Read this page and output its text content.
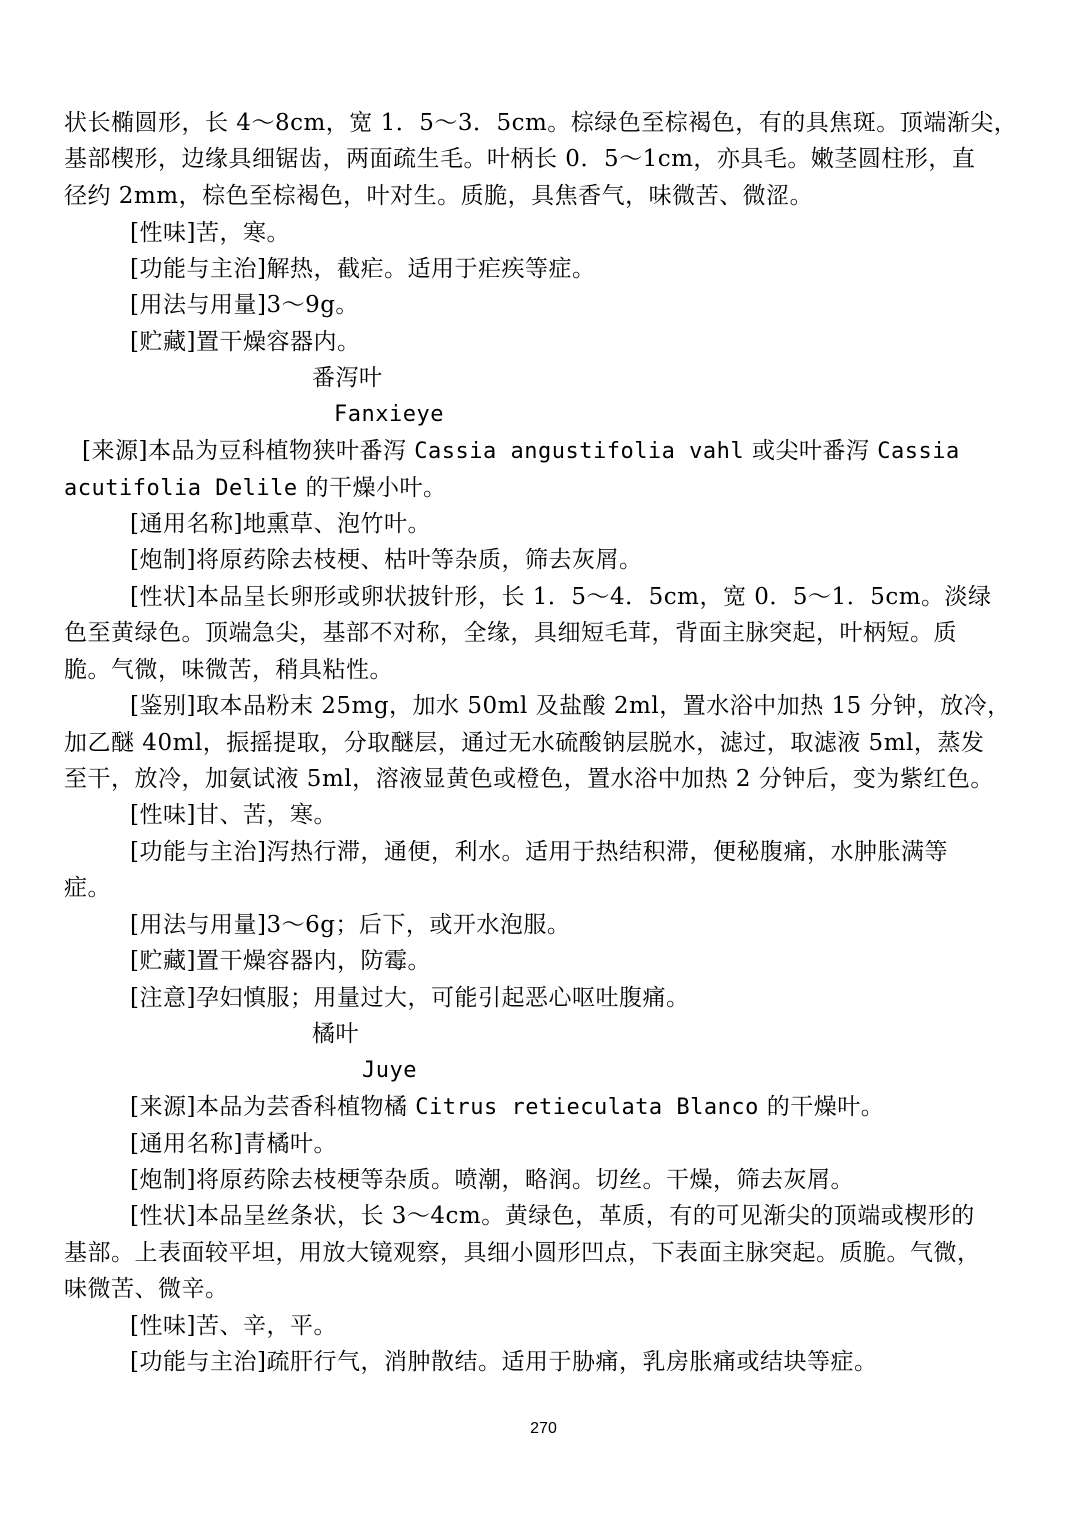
状长椭圆形，长 4～8cm，宽 1．5～3．5cm。棕绿色至棕褐色，有的具焦斑。顶端渐尖，
基部楔形，边缘具细锯齿，两面疏生毛。叶柄长 0．5～1cm，亦具毛。嫩茎圆柱形，直
径约 2mm，棕色至棕褐色，叶对生。质脆，具焦香气，味微苦、微涩。
[性味]苦，寒。
[功能与主治]解热，截疟。适用于疟疾等症。
[用法与用量]3～9g。
[贮藏]置干燥容器内。
番泻叶
Fanxieye
[来源]本品为豆科植物狭叶番泻 Cassia angustifolia vahl 或尖叶番泻 Cassia
acutifolia Delile 的干燥小叶。
[通用名称]地熏草、泡竹叶。
[炮制]将原药除去枝梗、枯叶等杂质，筛去灰屑。
[性状]本品呈长卵形或卵状披针形，长 1．5～4．5cm，宽 0．5～1．5cm。淡绿
色至黄绿色。顶端急尖，基部不对称，全缘，具细短毛茸，背面主脉突起，叶柄短。质
脆。气微，味微苦，稍具粘性。
[鉴别]取本品粉末 25mg，加水 50ml 及盐酸 2ml，置水浴中加热 15 分钟，放冷，
加乙醚 40ml，振摇提取，分取醚层，通过无水硫酸钠层脱水，滤过，取滤液 5ml，蒸发
至干，放冷，加氨试液 5ml，溶液显黄色或橙色，置水浴中加热 2 分钟后，变为紫红色。
[性味]甘、苦，寒。
[功能与主治]泻热行滞，通便，利水。适用于热结积滞，便秘腹痛，水肿胀满等
症。
[用法与用量]3～6g；后下，或开水泡服。
[贮藏]置干燥容器内，防霉。
[注意]孕妇慎服；用量过大，可能引起恶心呕吐腹痛。
橘叶
Juye
[来源]本品为芸香科植物橘 Citrus retieculata Blanco 的干燥叶。
[通用名称]青橘叶。
[炮制]将原药除去枝梗等杂质。喷潮，略润。切丝。干燥，筛去灰屑。
[性状]本品呈丝条状，长 3～4cm。黄绿色，革质，有的可见渐尖的顶端或楔形的
基部。上表面较平坦，用放大镜观察，具细小圆形凹点，下表面主脉突起。质脆。气微，
味微苦、微辛。
[性味]苦、辛，平。
[功能与主治]疏肝行气，消肿散结。适用于胁痛，乳房胀痛或结块等症。
270
